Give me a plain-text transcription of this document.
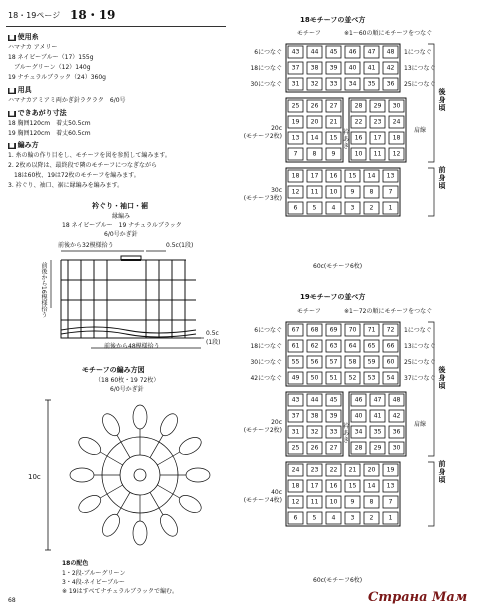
18・19ページ 18・19
■ 使用糸
ハマナカ アメリー
18 ネイビーブルー（17）155g
　ブルーグリーン（12）140g
19 ナチュラルブラック（24）360g
■ 用具
ハマナカアミアミ両かぎ針ラクラク　6/0号
■ できあがり寸法
18 胸囲120cm　着丈50.5cm
19 胸囲120cm　着丈60.5cm
■ 編み方
1. 糸の輪の作り目をし、モチーフを図を参照して編みます。
2. 2枚め以降は、最終段で隣のモチーフにつなぎながら
　18は60枚、19は72枚のモチーフを編みます。
3. 衿ぐり、袖口、裾に縁編みを編みます。
衿ぐり・袖口・裾
縁編み
18 ネイビーブルー　19 ナチュラルブラック
6/0号かぎ針
前後から32模様拾う	0.5c(1段)
前後から16模様拾う
0.5c
(1段)
前後から48模様拾う
モチーフの編み方図
（18 60枚・19 72枚）
6/0号かぎ針
10c
18の配色
1・2段-ブルーグリーン
3・4段-ネイビーブルー
※ 19はすべてナチュラルブラックで編む。
68
18モチーフの並べ方
モチーフ	※1〜60の順にモチーフをつなぐ
43 44 45 46 47 48
6につなぐ	1につなぐ
37 38 39 40 41 42
18につなぐ	13につなぐ
31 32 33 34 35 36
30につなぐ	25につなぐ
25 26 27	28 29 30
19 20 21	22 23 24
13 14 15	16 17 18
7 8 9	10 11 12
衿
あ
き
20c
(モチーフ2枚)
肩線
18 17 16 15 14 13
12 11 10 9 8 7
6 5 4 3 2 1
30c
(モチーフ3枚)
後
身
頃
前
身
頃
60c(モチーフ6枚)
19モチーフの並べ方
モチーフ	※1〜72の順にモチーフをつなぐ
67 68 69 70 71 72
6につなぐ	1につなぐ
61 62 63 64 65 66
18につなぐ	13につなぐ
55 56 57 58 59 60
30につなぐ	25につなぐ
49 50 51 52 53 54
42につなぐ	37につなぐ
43 44 45	46 47 48
37 38 39	40 41 42
31 32 33	34 35 36
25 26 27	28 29 30
衿
あ
き
20c
(モチーフ2枚)
肩線
24 23 22 21 20 19
18 17 16 15 14 13
12 11 10 9 8 7
6 5 4 3 2 1
40c
(モチーフ4枚)
後
身
頃
前
身
頃
60c(モチーフ6枚)
Страна Мам
